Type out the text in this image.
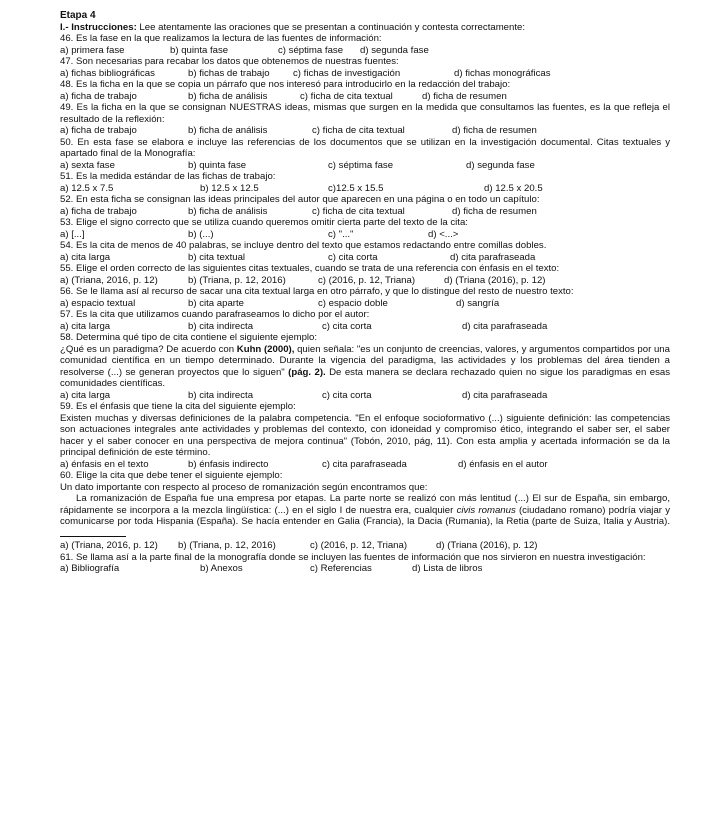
Etapa 4
I.- Instrucciones: Lee atentamente las oraciones que se presentan a continuación y contesta correctamente:
46. Es la fase en la que realizamos la lectura de las fuentes de información:
a) primera fase	b) quinta fase	c) séptima fase d) segunda fase
47. Son necesarias para recabar los datos que obtenemos de nuestras fuentes:
a) fichas bibliográficas	b) fichas de trabajo c) fichas de investigación	d) fichas monográficas
48. Es la ficha en la que se copia un párrafo que nos interesó para introducirlo en la redacción del trabajo:
a) ficha de trabajo	b) ficha de análisis	c) ficha de cita textual	d) ficha de resumen
49. Es la ficha en la que se consignan NUESTRAS ideas, mismas que surgen en la medida que consultamos las fuentes, es la que refleja el resultado de la reflexión:
a) ficha de trabajo	b) ficha de análisis	c) ficha de cita textual	d) ficha de resumen
50. En esta fase se elabora e incluye las referencias de los documentos que se utilizan en la investigación documental. Citas textuales y apartado final de la Monografía:
a) sexta fase	b) quinta fase	c) séptima fase	d) segunda fase
51. Es la medida estándar de las fichas de trabajo:
a) 12.5 x 7.5	b) 12.5 x 12.5	c)12.5 x 15.5	d) 12.5 x 20.5
52. En esta ficha se consignan las ideas principales del autor que aparecen en una página o en todo un capítulo:
a) ficha de trabajo	b) ficha de análisis	c) ficha de cita textual	d) ficha de resumen
53. Elige el signo correcto que se utiliza cuando queremos omitir cierta parte del texto de la cita:
a) [...]	b) (...)	c) "..."	d) <...>
54. Es la cita de menos de 40 palabras, se incluye dentro del texto que estamos redactando entre comillas dobles.
a) cita larga	b) cita textual	c) cita corta	d) cita parafraseada
55. Elige el orden correcto de las siguientes citas textuales, cuando se trata de una referencia con énfasis en el texto:
a) (Triana, 2016, p. 12)	b) (Triana, p. 12, 2016)	c) (2016, p. 12, Triana)	d) (Triana (2016), p. 12)
56. Se le llama así al recurso de sacar una cita textual larga en otro párrafo, y que lo distingue del resto de nuestro texto:
a) espacio textual	b) cita aparte	c) espacio doble	d) sangría
57. Es la cita que utilizamos cuando parafraseamos lo dicho por el autor:
a) cita larga	b) cita indirecta	c) cita corta	d) cita parafraseada
58. Determina qué tipo de cita contiene el siguiente ejemplo:
¿Qué es un paradigma? De acuerdo con Kuhn (2000), quien señala: "es un conjunto de creencias, valores, y argumentos compartidos por una comunidad científica en un tiempo determinado. Durante la vigencia del paradigma, las actividades y los problemas del área tienden a resolverse (...) se generan proyectos que lo siguen" (pág. 2). De esta manera se declara rechazado quien no sigue los paradigmas en esas comunidades científicas.
a) cita larga	b) cita indirecta	c) cita corta	d) cita parafraseada
59. Es el énfasis que tiene la cita del siguiente ejemplo:
Existen muchas y diversas definiciones de la palabra competencia. "En el enfoque socioformativo (...) siguiente definición: las competencias son actuaciones integrales ante actividades y problemas del contexto, con idoneidad y compromiso ético, integrando el saber ser, el saber hacer y el saber conocer en una perspectiva de mejora continua" (Tobón, 2010, pág, 11). Con esta amplia y acertada información se da la principal definición de este término.
a) énfasis en el texto	b) énfasis indirecto	c) cita parafraseada	d) énfasis en el autor
60. Elige la cita que debe tener el siguiente ejemplo:
Un dato importante con respecto al proceso de romanización según encontramos que:
La romanización de España fue una empresa por etapas. La parte norte se realizó con más lentitud (...) El sur de España, sin embargo, rápidamente se incorpora a la mezcla lingüística: (...) en el siglo I de nuestra era, cualquier civis romanus (ciudadano romano) podría viajar y comunicarse por toda Hispania (España). Se hacía entender en Galia (Francia), la Dacia (Rumania), la Retia (parte de Suiza, Italia y Austria).
a) (Triana, 2016, p. 12) b) (Triana, p. 12, 2016)	c) (2016, p. 12, Triana)	d) (Triana (2016), p. 12)
61. Se llama así a la parte final de la monografía donde se incluyen las fuentes de información que nos sirvieron en nuestra investigación:
a) Bibliografía	b) Anexos	c) Referencias	d) Lista de libros
